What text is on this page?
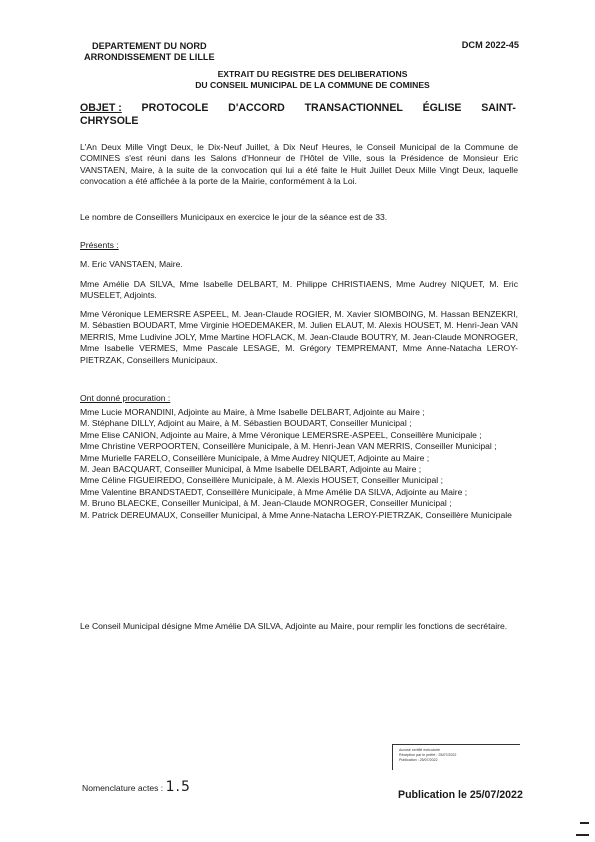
DEPARTEMENT DU NORD
ARRONDISSEMENT DE LILLE
DCM 2022-45
EXTRAIT DU REGISTRE DES DELIBERATIONS
DU CONSEIL MUNICIPAL DE LA COMMUNE DE COMINES
OBJET : PROTOCOLE D'ACCORD TRANSACTIONNEL ÉGLISE SAINT-
CHRYSOLE

L'An Deux Mille Vingt Deux, le Dix-Neuf Juillet, à Dix Neuf Heures, le Conseil Municipal de la Commune de COMINES s'est réuni dans les Salons d'Honneur de l'Hôtel de Ville, sous la Présidence de Monsieur Eric VANSTAEN, Maire, à la suite de la convocation qui lui a été faite le Huit Juillet Deux Mille Vingt Deux, laquelle convocation a été affichée à la porte de la Mairie, conformément à la Loi.

Le nombre de Conseillers Municipaux en exercice le jour de la séance est de 33.

Présents :

M. Eric VANSTAEN, Maire.

Mme Amélie DA SILVA, Mme Isabelle DELBART, M. Philippe CHRISTIAENS, Mme Audrey NIQUET, M. Eric MUSELET, Adjoints.

Mme Véronique LEMERSRE ASPEEL, M. Jean-Claude ROGIER, M. Xavier SIOMBOING, M. Hassan BENZEKRI, M. Sébastien BOUDART, Mme Virginie HOEDEMAKER, M. Julien ELAUT, M. Alexis HOUSET, M. Henri-Jean VAN MERRIS, Mme Ludivine JOLY, Mme Martine HOFLACK, M. Jean-Claude BOUTRY, M. Jean-Claude MONROGER, Mme Isabelle VERMES, Mme Pascale LESAGE, M. Grégory TEMPREMANT, Mme Anne-Natacha LEROY-PIETRZAK, Conseillers Municipaux.

Ont donné procuration :

Mme Lucie MORANDINI, Adjointe au Maire, à Mme Isabelle DELBART, Adjointe au Maire ;

M. Stéphane DILLY, Adjoint au Maire, à M. Sébastien BOUDART, Conseiller Municipal ;

Mme Elise CANION, Adjointe au Maire, à Mme Véronique LEMERSRE-ASPEEL, Conseillère Municipale ;

Mme Christine VERPOORTEN, Conseillère Municipale, à M. Henri-Jean VAN MERRIS, Conseiller Municipal ;

Mme Murielle FARELO, Conseillère Municipale, à Mme Audrey NIQUET, Adjointe au Maire ;

M. Jean BACQUART, Conseiller Municipal, à Mme Isabelle DELBART, Adjointe au Maire ;

Mme Céline FIGUEIREDO, Conseillère Municipale, à M. Alexis HOUSET, Conseiller Municipal ;

Mme Valentine BRANDSTAEDT, Conseillère Municipale, à Mme Amélie DA SILVA, Adjointe au Maire ;

M. Bruno BLAECKE, Conseiller Municipal, à M. Jean-Claude MONROGER, Conseiller Municipal ;

M. Patrick DEREUMAUX, Conseiller Municipal, à Mme Anne-Natacha LEROY-PIETRZAK, Conseillère Municipale

Le Conseil Municipal désigne Mme Amélie DA SILVA, Adjointe au Maire, pour remplir les fonctions de secrétaire.

Accusé certifié exécutoire
Réception par le préfet : 25/07/2022
Publication : 25/07/2022
Nomenclature actes : 1.5	Publication le 25/07/2022
